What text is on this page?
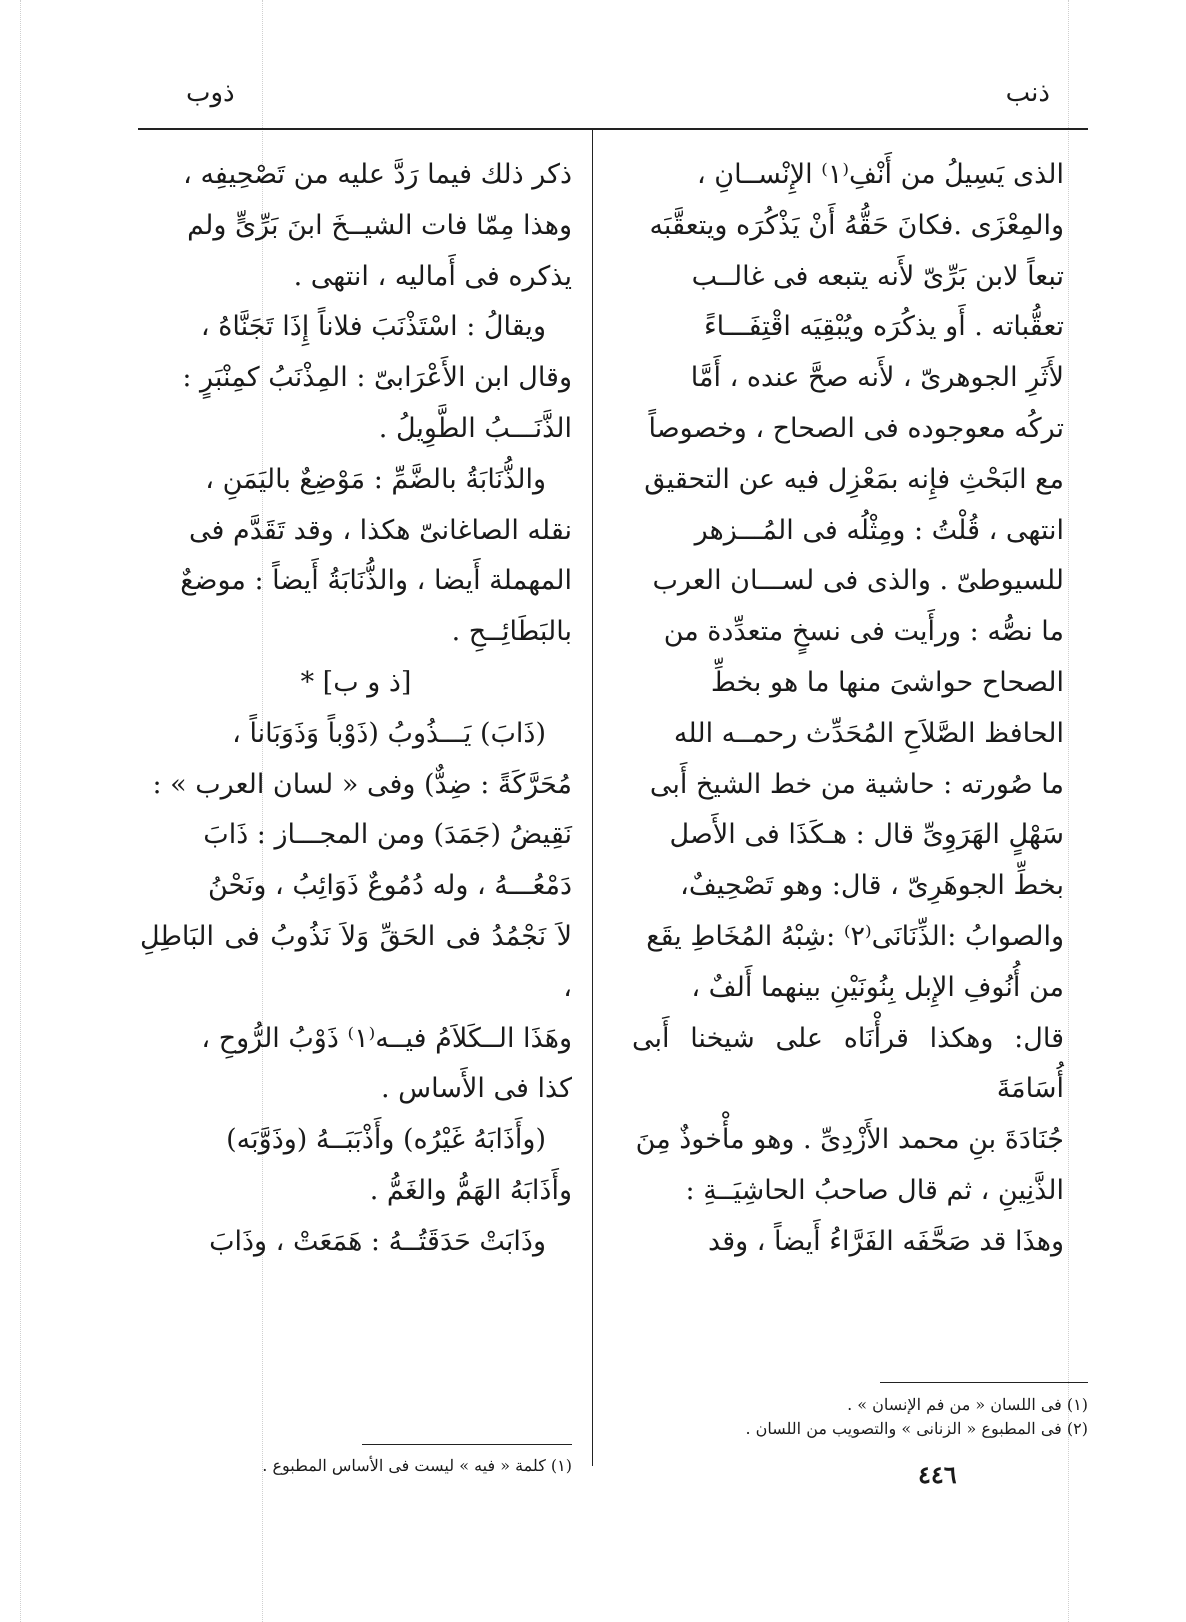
ذنب
ذوب

الذى يَسِيلُ من أَنْفِ⁽١⁾ الإِنْســانِ ،

والمِعْزَى .فكانَ حَقُّهُ أَنْ يَذْكُرَه ويتعقَّبَه

تبعاً لابن بَرِّىّ لأَنه يتبعه فى غالــب

تعقُّباته . أَو يذكُرَه ويُبْقِيَه اقْتِفَـــاءً

لأَثَرِ الجوهرىّ ، لأَنه صحَّ عنده ، أَمَّا

تركُه معوجوده فى الصحاح ، وخصوصاً

مع البَحْثِ فإِنه بمَعْزِل فيه عن التحقيق

انتهى ، قُلْتُ : ومِثْلُه فى المُـــزهر

للسيوطىّ . والذى فى لســـان العرب

ما نصُّه : ورأَيت فى نسخٍ متعدِّدة من

الصحاح حواشىَ منها ما هو بخطِّ

الحافظ الصَّلاَحِ المُحَدِّث رحمــه الله

ما صُورته : حاشية من خط الشيخ أَبى

سَهْلٍ الهَرَوِىِّ قال : هـكَذَا فى الأَصل

بخطِّ الجوهَرِىّ ، قال: وهو تَصْحِيفٌ،

والصوابُ :الذِّنَانَى⁽٢⁾ :شِبْهُ المُخَاطِ يقَع

من أُنُوفِ الإِبل بِنُونَيْنِ بينهما أَلفٌ ،

قال: وهكذا قرأْنَاه على شيخنا أَبى أُسَامَةَ

جُنَادَةَ بنِ محمد الأَزْدِىِّ . وهو مأْخوذٌ مِنَ

الذَّنِينِ ، ثم قال صاحبُ الحاشِيَــةِ :

وهذَا قد صَحَّفَه الفَرَّاءُ أَيضاً ، وقد

ذكر ذلك فيما رَدَّ عليه من تَصْحِيفِه ،

وهذا مِمّا فات الشيــخَ ابنَ بَرِّىٍّ ولم

يذكره فى أَماليه ، انتهى .

ويقالُ : اسْتَذْنَبَ فلاناً إِذَا تَجَنَّاهُ ،

وقال ابن الأَعْرَابىّ : المِذْنَبُ كمِنْبَرٍ :

الذَّنَـــبُ الطَّوِيلُ .

والذُّنَابَةُ بالضَّمِّ : مَوْضِعٌ باليَمَنِ ،

نقله الصاغانىّ هكذا ، وقد تَقَدَّم فى

المهملة أَيضا ، والذُّنَابَةُ أَيضاً : موضعٌ

بالبَطَائِــحِ .

[ذ و ب] *

(ذَابَ) يَـــذُوبُ (ذَوْباً وَذَوَبَاناً ،

مُحَرَّكَةً : ضِدٌّ) وفى « لسان العرب » :

نَقِيضُ (جَمَدَ) ومن المجـــاز : ذَابَ

دَمْعُـــهُ ، وله دُمُوعٌ ذَوَائِبُ ، ونَحْنُ

لاَ نَجْمُدُ فى الحَقِّ وَلاَ نَذُوبُ فى البَاطِلِ ،

وهَذَا الــكَلاَمُ فيــه⁽١⁾ ذَوْبُ الرُّوحِ ،

كذا فى الأَساس .

(وأَذَابَهُ غَيْرُه) وأَذْبَبَــهُ (وذَوَّبَه)

وأَذَابَهُ الهَمُّ والغَمُّ .

وذَابَتْ حَدَقَتُــهُ : هَمَعَتْ ، وذَابَ

(١) فى اللسان « من فم الإنسان » .
(٢) فى المطبوع « الزنانى » والتصويب من اللسان .
(١) كلمة « فيه » ليست فى الأساس المطبوع .	٤٤٦
